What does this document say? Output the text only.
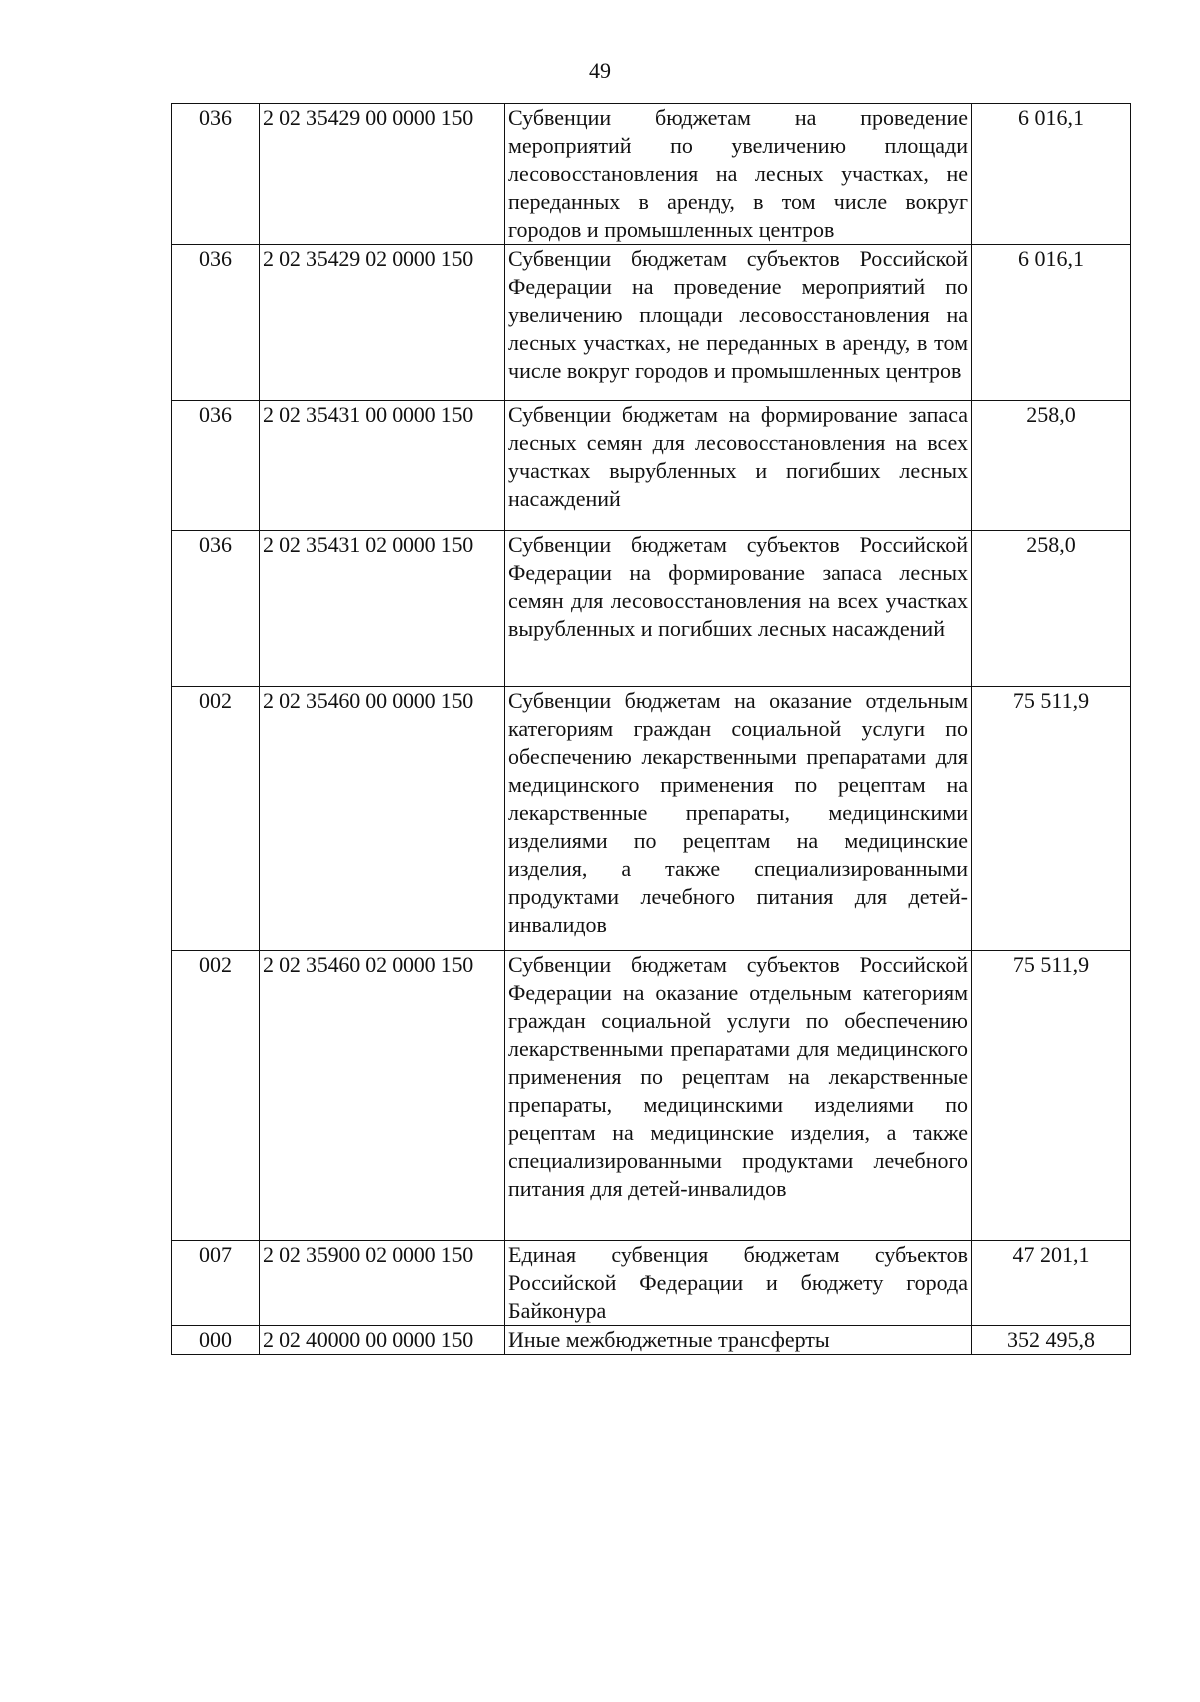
49
036	2 02 35429 00 0000 150	Субвенции бюджетам на проведение мероприятий по увеличению площади лесовосстановления на лесных участках, не переданных в аренду, в том числе вокруг городов и промышленных центров	6 016,1
036	2 02 35429 02 0000 150	Субвенции бюджетам субъектов Российской Федерации на проведение мероприятий по увеличению площади лесовосстановления на лесных участках, не переданных в аренду, в том числе вокруг городов и промышленных центров	6 016,1
036	2 02 35431 00 0000 150	Субвенции бюджетам на формирование запаса лесных семян для лесовосстановления на всех участках вырубленных и погибших лесных насаждений	258,0
036	2 02 35431 02 0000 150	Субвенции бюджетам субъектов Российской Федерации на формирование запаса лесных семян для лесовосстановления на всех участках вырубленных и погибших лесных насаждений	258,0
002	2 02 35460 00 0000 150	Субвенции бюджетам на оказание отдельным категориям граждан социальной услуги по обеспечению лекарственными препаратами для медицинского применения по рецептам на лекарственные препараты, медицинскими изделиями по рецептам на медицинские изделия, а также специализированными продуктами лечебного питания для детей-инвалидов	75 511,9
002	2 02 35460 02 0000 150	Субвенции бюджетам субъектов Российской Федерации на оказание отдельным категориям граждан социальной услуги по обеспечению лекарственными препаратами для медицинского применения по рецептам на лекарственные препараты, медицинскими изделиями по рецептам на медицинские изделия, а также специализированными продуктами лечебного питания для детей-инвалидов	75 511,9
007	2 02 35900 02 0000 150	Единая субвенция бюджетам субъектов Российской Федерации и бюджету города Байконура	47 201,1
000	2 02 40000 00 0000 150	Иные межбюджетные трансферты	352 495,8
